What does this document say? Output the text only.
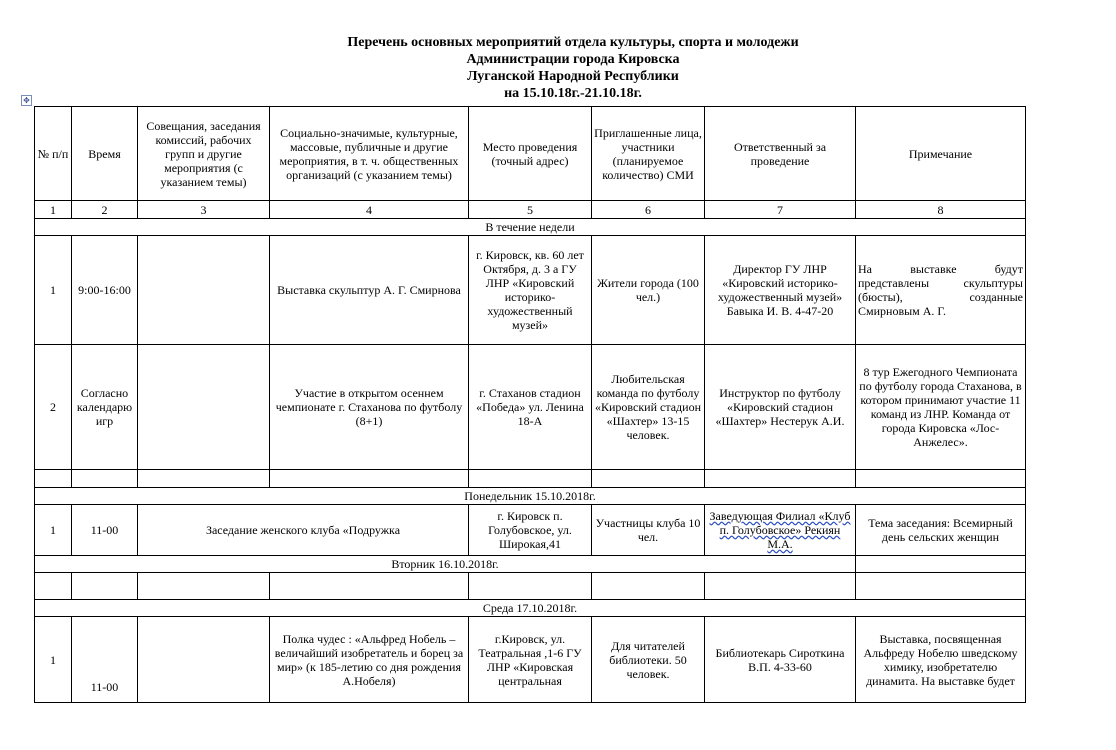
Перечень основных мероприятий отдела культуры, спорта и молодежи
Администрации города Кировска
Луганской Народной Республики
на 15.10.18г.-21.10.18г.
✥
№ п/п	Время	Совещания, заседания комиссий, рабочих групп и другие мероприятия (с указанием темы)	Социально-значимые, культурные, массовые, публичные и другие мероприятия, в т. ч. общественных организаций (с указанием темы)	Место проведения (точный адрес)	Приглашенные лица, участники (планируемое количество) СМИ	Ответственный за проведение	Примечание
1	2	3	4	5	6	7	8
В течение недели							
1	9:00-16:00		Выставка скульптур А. Г. Смирнова	г. Кировск, кв. 60 лет Октября, д. 3 а ГУ ЛНР «Кировский историко-художественный музей»	Жители города (100 чел.)	Директор ГУ ЛНР «Кировский историко-художественный музей» Бавыка И. В. 4-47-20	На выставке будут представлены скульптуры (бюсты), созданные Смирновым А. Г.
2	Согласно календарю игр		Участие в открытом осеннем чемпионате г. Стаханова по футболу (8+1)	г. Стаханов стадион «Победа» ул. Ленина 18-А	Любительская команда по футболу «Кировский стадион «Шахтер» 13-15 человек.	Инструктор по футболу «Кировский стадион «Шахтер» Нестерук А.И.	8 тур Ежегодного Чемпионата по футболу города Стаханова, в котором принимают участие 11 команд из ЛНР. Команда от города Кировска «Лос-Анжелес».

Понедельник 15.10.2018г.							
1	11-00	Заседание женского клуба «Подружка		г. Кировск п. Голубовское, ул. Широкая,41	Участницы клуба 10 чел.	Заведующая Филиал «Клуб п. Голубовское» Рекиян М.А.	Тема заседания: Всемирный день сельских женщин
Вторник 16.10.2018г.							

Среда 17.10.2018г.							
1	11-00		Полка чудес : «Альфред Нобель – величайший изобретатель и борец за мир» (к 185-летию со дня рождения А.Нобеля)	г.Кировск, ул. Театральная ,1-6 ГУ ЛНР «Кировская центральная	Для читателей библиотеки. 50 человек.	Библиотекарь Сироткина В.П. 4-33-60	Выставка, посвященная Альфреду Нобелю шведскому химику, изобретателю динамита. На выставке будет
